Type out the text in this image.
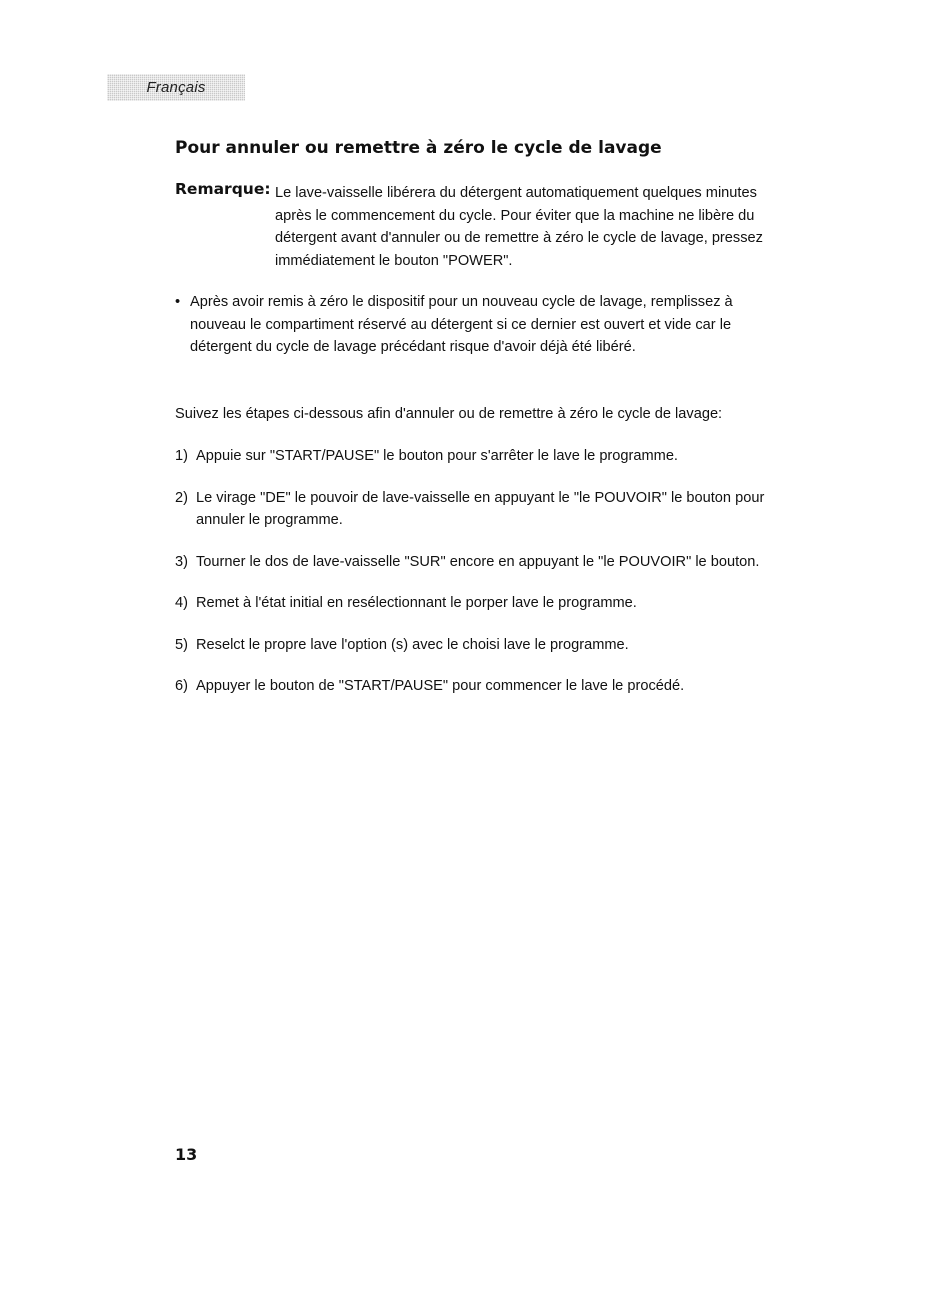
Français
Pour annuler ou remettre à zéro le cycle de lavage
Remarque: Le lave-vaisselle libérera du détergent automatiquement quelques minutes après le commencement du cycle. Pour éviter que la machine ne libère du détergent avant d'annuler ou de remettre à zéro le cycle de lavage, pressez immédiatement le bouton "POWER".
• Après avoir remis à zéro le dispositif pour un nouveau cycle de lavage, remplissez à nouveau le compartiment réservé au détergent si ce dernier est ouvert et vide car le détergent du cycle de lavage précédant risque d'avoir déjà été libéré.
Suivez les étapes ci-dessous afin d'annuler ou de remettre à zéro le cycle de lavage:
1) Appuie sur "START/PAUSE" le bouton pour s'arrêter le lave le programme.
2) Le virage "DE" le pouvoir de lave-vaisselle en appuyant le "le POUVOIR" le bouton pour annuler le programme.
3) Tourner le dos de lave-vaisselle "SUR" encore en appuyant le "le POUVOIR" le bouton.
4) Remet à l'état initial en resélectionnant le porper lave le programme.
5) Reselct le propre lave l'option (s) avec le choisi lave le programme.
6) Appuyer le bouton de "START/PAUSE" pour commencer le lave le procédé.
13
